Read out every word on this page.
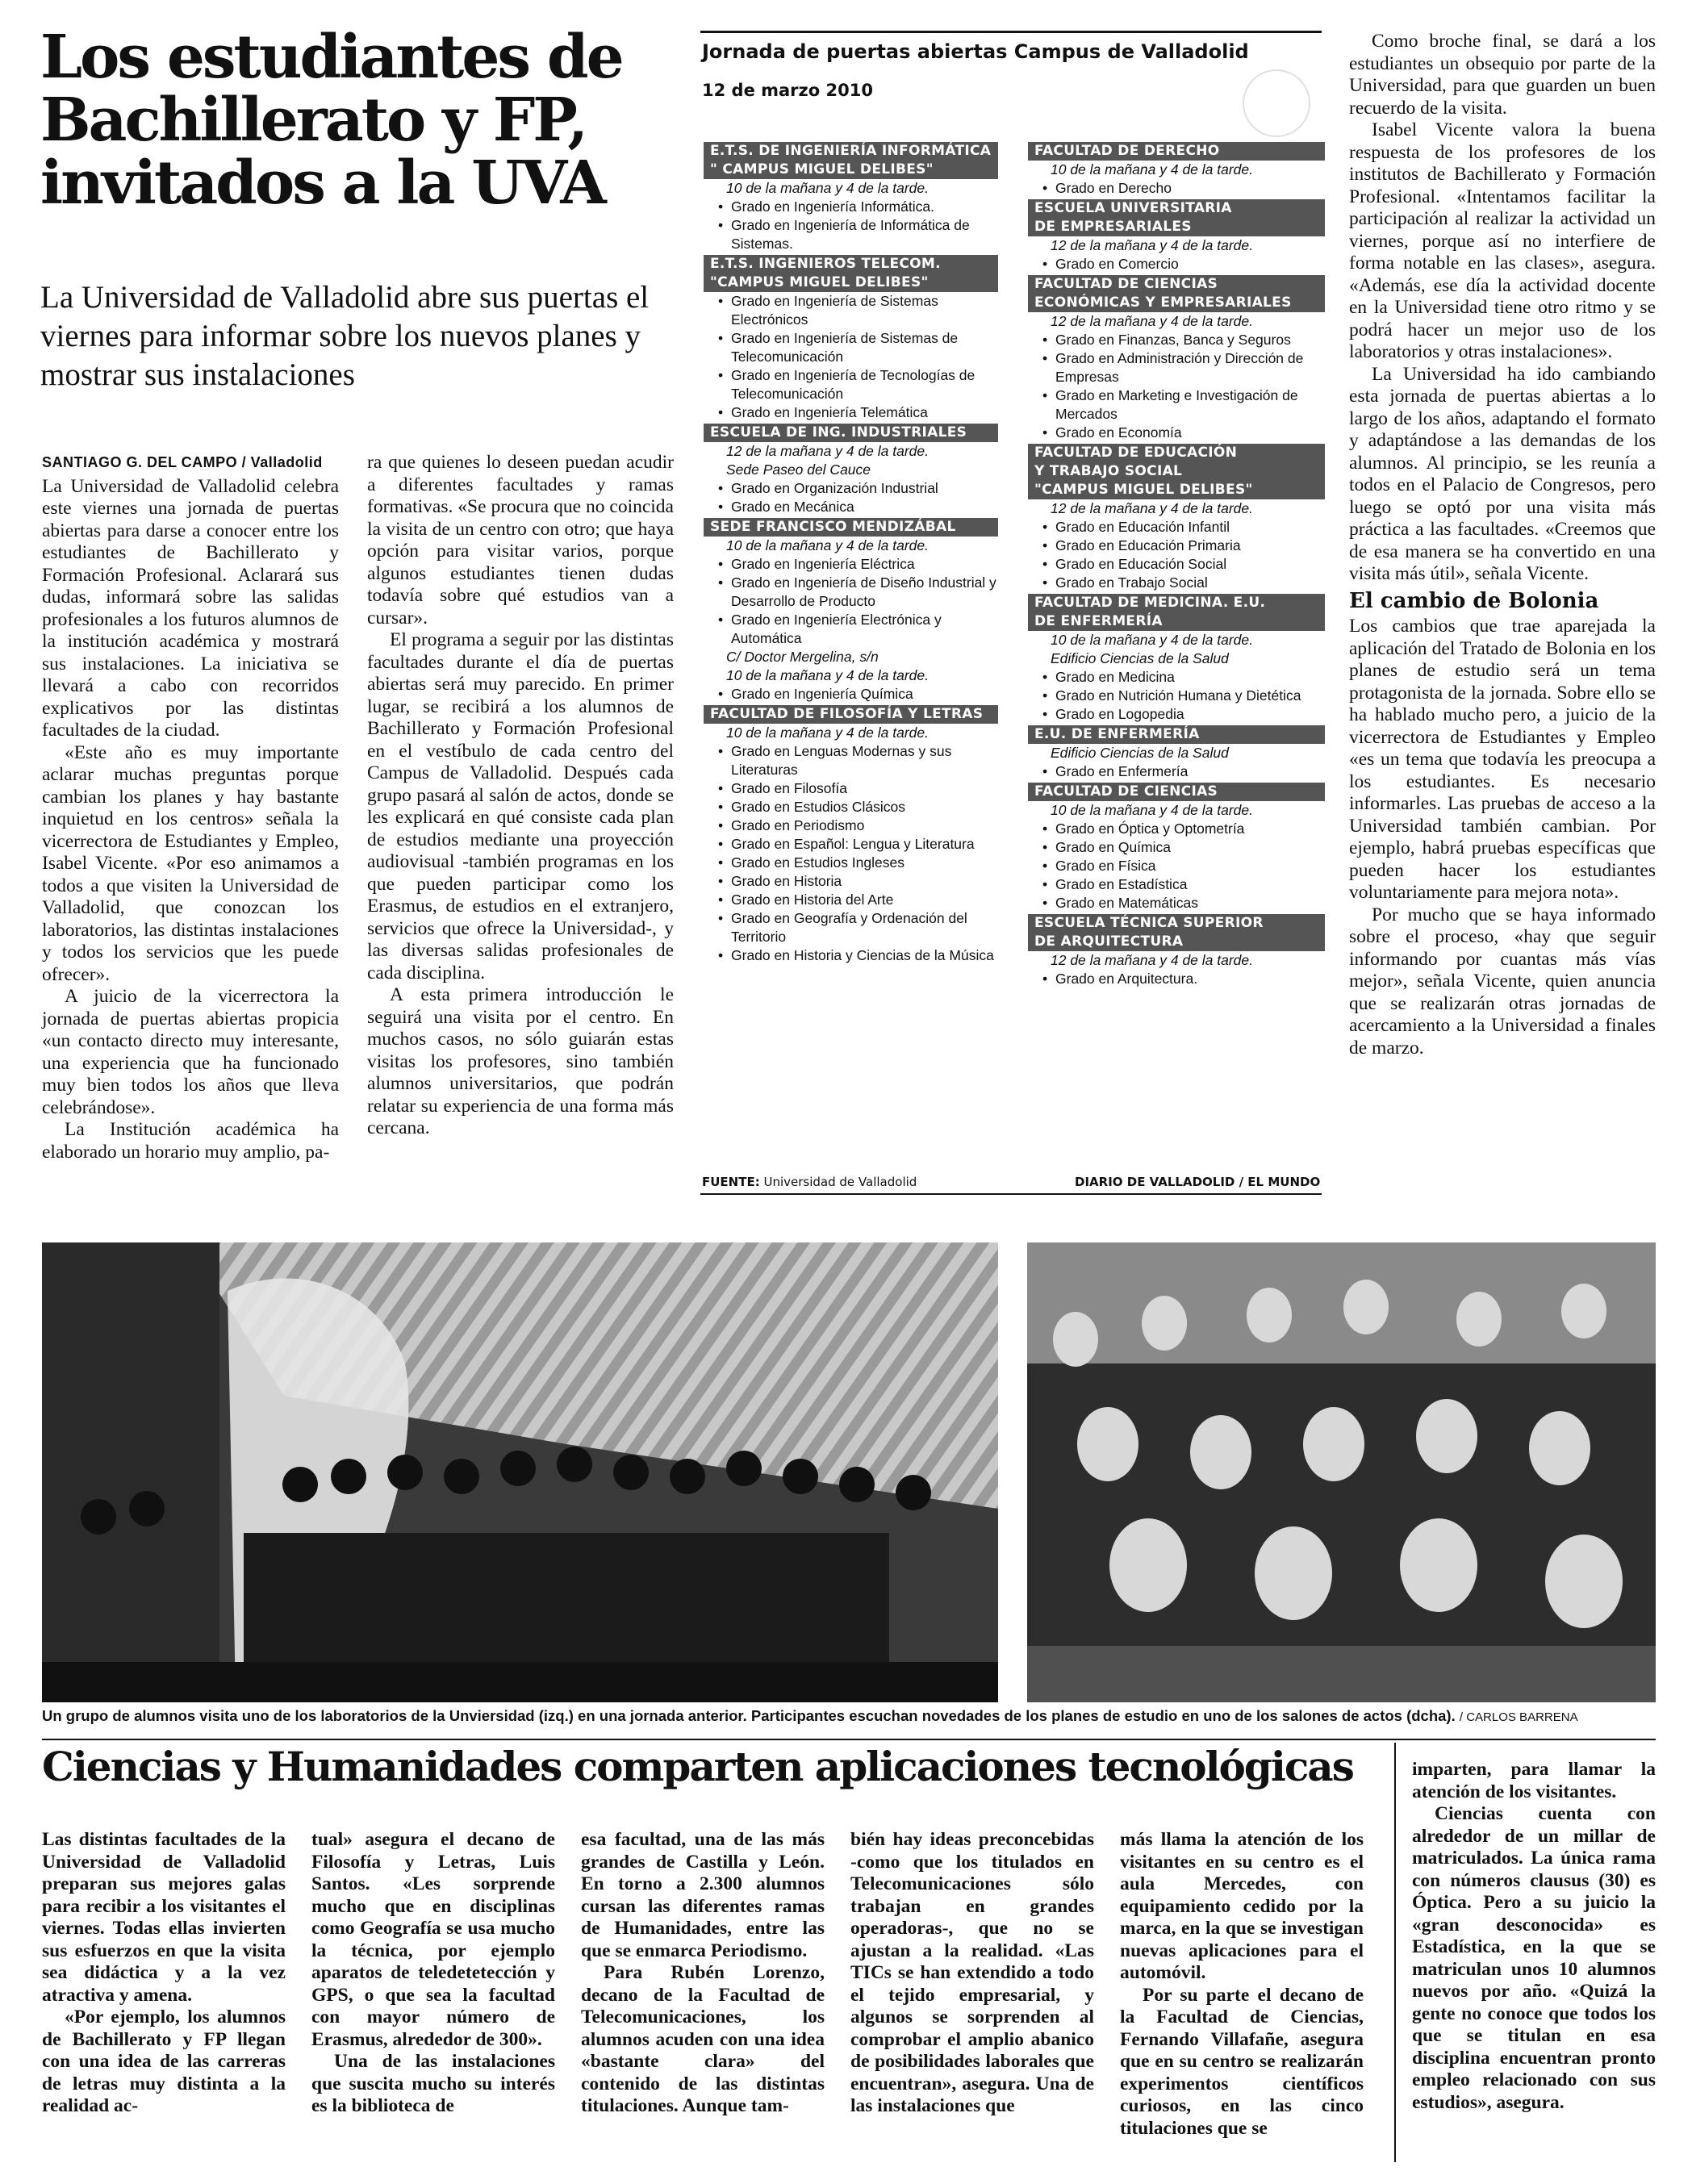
Los estudiantes de
Bachillerato y FP,
invitados a la UVA
La Universidad de Valladolid abre sus puertas el viernes para informar sobre los nuevos planes y mostrar sus instalaciones
SANTIAGO G. DEL CAMPO / Valladolid

La Universidad de Valladolid celebra este viernes una jornada de puertas abiertas para darse a conocer entre los estudiantes de Bachillerato y Formación Profesional. Aclarará sus dudas, informará sobre las salidas profesionales a los futuros alumnos de la institución académica y mostrará sus instalaciones. La iniciativa se llevará a cabo con recorridos explicativos por las distintas facultades de la ciudad.

«Este año es muy importante aclarar muchas preguntas porque cambian los planes y hay bastante inquietud en los centros» señala la vicerrectora de Estudiantes y Empleo, Isabel Vicente. «Por eso animamos a todos a que visiten la Universidad de Valladolid, que conozcan los laboratorios, las distintas instalaciones y todos los servicios que les puede ofrecer».

A juicio de la vicerrectora la jornada de puertas abiertas propicia «un contacto directo muy interesante, una experiencia que ha funcionado muy bien todos los años que lleva celebrándose».

La Institución académica ha elaborado un horario muy amplio, pa-

ra que quienes lo deseen puedan acudir a diferentes facultades y ramas formativas. «Se procura que no coincida la visita de un centro con otro; que haya opción para visitar varios, porque algunos estudiantes tienen dudas todavía sobre qué estudios van a cursar».

El programa a seguir por las distintas facultades durante el día de puertas abiertas será muy parecido. En primer lugar, se recibirá a los alumnos de Bachillerato y Formación Profesional en el vestíbulo de cada centro del Campus de Valladolid. Después cada grupo pasará al salón de actos, donde se les explicará en qué consiste cada plan de estudios mediante una proyección audiovisual -también programas en los que pueden participar como los Erasmus, de estudios en el extranjero, servicios que ofrece la Universidad-, y las diversas salidas profesionales de cada disciplina.

A esta primera introducción le seguirá una visita por el centro. En muchos casos, no sólo guiarán estas visitas los profesores, sino también alumnos universitarios, que podrán relatar su experiencia de una forma más cercana.

Jornada de puertas abiertas Campus de Valladolid
12 de marzo 2010
E.T.S. DE INGENIERÍA INFORMÁTICA
" CAMPUS MIGUEL DELIBES"
10 de la mañana y 4 de la tarde.
• Grado en Ingeniería Informática.
• Grado en Ingeniería de Informática de Sistemas.
E.T.S. INGENIEROS TELECOM.
"CAMPUS MIGUEL DELIBES"
• Grado en Ingeniería de Sistemas Electrónicos
• Grado en Ingeniería de Sistemas de Telecomunicación
• Grado en Ingeniería de Tecnologías de Telecomunicación
• Grado en Ingeniería Telemática
ESCUELA DE ING. INDUSTRIALES
12 de la mañana y 4 de la tarde.
Sede Paseo del Cauce
• Grado en Organización Industrial
• Grado en Mecánica
SEDE FRANCISCO MENDIZÁBAL
10 de la mañana y 4 de la tarde.
• Grado en Ingeniería Eléctrica
• Grado en Ingeniería de Diseño Industrial y Desarrollo de Producto
• Grado en Ingeniería Electrónica y Automática
C/ Doctor Mergelina, s/n
10 de la mañana y 4 de la tarde.
• Grado en Ingeniería Química
FACULTAD DE FILOSOFÍA Y LETRAS
10 de la mañana y 4 de la tarde.
• Grado en Lenguas Modernas y sus Literaturas
• Grado en Filosofía
• Grado en Estudios Clásicos
• Grado en Periodismo
• Grado en Español: Lengua y Literatura
• Grado en Estudios Ingleses
• Grado en Historia
• Grado en Historia del Arte
• Grado en Geografía y Ordenación del Territorio
• Grado en Historia y Ciencias de la Música
FACULTAD DE DERECHO
10 de la mañana y 4 de la tarde.
• Grado en Derecho
ESCUELA UNIVERSITARIA
DE EMPRESARIALES
12 de la mañana y 4 de la tarde.
• Grado en Comercio
FACULTAD DE CIENCIAS
ECONÓMICAS Y EMPRESARIALES
12 de la mañana y 4 de la tarde.
• Grado en Finanzas, Banca y Seguros
• Grado en Administración y Dirección de Empresas
• Grado en Marketing e Investigación de Mercados
• Grado en Economía
FACULTAD DE EDUCACIÓN
Y TRABAJO SOCIAL
"CAMPUS MIGUEL DELIBES"
12 de la mañana y 4 de la tarde.
• Grado en Educación Infantil
• Grado en Educación Primaria
• Grado en Educación Social
• Grado en Trabajo Social
FACULTAD DE MEDICINA. E.U.
DE ENFERMERÍA
10 de la mañana y 4 de la tarde.
Edificio Ciencias de la Salud
• Grado en Medicina
• Grado en Nutrición Humana y Dietética
• Grado en Logopedia
E.U. DE ENFERMERÍA
Edificio Ciencias de la Salud
• Grado en Enfermería
FACULTAD DE CIENCIAS
10 de la mañana y 4 de la tarde.
• Grado en Óptica y Optometría
• Grado en Química
• Grado en Física
• Grado en Estadística
• Grado en Matemáticas
ESCUELA TÉCNICA SUPERIOR
DE ARQUITECTURA
12 de la mañana y 4 de la tarde.
• Grado en Arquitectura.
FUENTE: Universidad de Valladolid	DIARIO DE VALLADOLID / EL MUNDO

Como broche final, se dará a los estudiantes un obsequio por parte de la Universidad, para que guarden un buen recuerdo de la visita.

Isabel Vicente valora la buena respuesta de los profesores de los institutos de Bachillerato y Formación Profesional. «Intentamos facilitar la participación al realizar la actividad un viernes, porque así no interfiere de forma notable en las clases», asegura. «Además, ese día la actividad docente en la Universidad tiene otro ritmo y se podrá hacer un mejor uso de los laboratorios y otras instalaciones».

La Universidad ha ido cambiando esta jornada de puertas abiertas a lo largo de los años, adaptando el formato y adaptándose a las demandas de los alumnos. Al principio, se les reunía a todos en el Palacio de Congresos, pero luego se optó por una visita más práctica a las facultades. «Creemos que de esa manera se ha convertido en una visita más útil», señala Vicente.

El cambio de Bolonia

Los cambios que trae aparejada la aplicación del Tratado de Bolonia en los planes de estudio será un tema protagonista de la jornada. Sobre ello se ha hablado mucho pero, a juicio de la vicerrectora de Estudiantes y Empleo «es un tema que todavía les preocupa a los estudiantes. Es necesario informarles. Las pruebas de acceso a la Universidad también cambian. Por ejemplo, habrá pruebas específicas que pueden hacer los estudiantes voluntariamente para mejora nota».

Por mucho que se haya informado sobre el proceso, «hay que seguir informando por cuantas más vías mejor», señala Vicente, quien anuncia que se realizarán otras jornadas de acercamiento a la Universidad a finales de marzo.

Un grupo de alumnos visita uno de los laboratorios de la Unviersidad (izq.) en una jornada anterior. Participantes escuchan novedades de los planes de estudio en uno de los salones de actos (dcha). / CARLOS BARRENA
Ciencias y Humanidades comparten aplicaciones tecnológicas

Las distintas facultades de la Universidad de Valladolid preparan sus mejores galas para recibir a los visitantes el viernes. Todas ellas invierten sus esfuerzos en que la visita sea didáctica y a la vez atractiva y amena.

«Por ejemplo, los alumnos de Bachillerato y FP llegan con una idea de las carreras de letras muy distinta a la realidad ac-

tual» asegura el decano de Filosofía y Letras, Luis Santos. «Les sorprende mucho que en disciplinas como Geografía se usa mucho la técnica, por ejemplo aparatos de teledetetección y GPS, o que sea la facultad con mayor número de Erasmus, alrededor de 300».

Una de las instalaciones que suscita mucho su interés es la biblioteca de

esa facultad, una de las más grandes de Castilla y León. En torno a 2.300 alumnos cursan las diferentes ramas de Humanidades, entre las que se enmarca Periodismo.

Para Rubén Lorenzo, decano de la Facultad de Telecomunicaciones, los alumnos acuden con una idea «bastante clara» del contenido de las distintas titulaciones. Aunque tam-

bién hay ideas preconcebidas -como que los titulados en Telecomunicaciones sólo trabajan en grandes operadoras-, que no se ajustan a la realidad. «Las TICs se han extendido a todo el tejido empresarial, y algunos se sorprenden al comprobar el amplio abanico de posibilidades laborales que encuentran», asegura. Una de las instalaciones que

más llama la atención de los visitantes en su centro es el aula Mercedes, con equipamiento cedido por la marca, en la que se investigan nuevas aplicaciones para el automóvil.

Por su parte el decano de la Facultad de Ciencias, Fernando Villafañe, asegura que en su centro se realizarán experimentos científicos curiosos, en las cinco titulaciones que se

imparten, para llamar la atención de los visitantes.

Ciencias cuenta con alrededor de un millar de matriculados. La única rama con números clausus (30) es Óptica. Pero a su juicio la «gran desconocida» es Estadística, en la que se matriculan unos 10 alumnos nuevos por año. «Quizá la gente no conoce que todos los que se titulan en esa disciplina encuentran pronto empleo relacionado con sus estudios», asegura.
